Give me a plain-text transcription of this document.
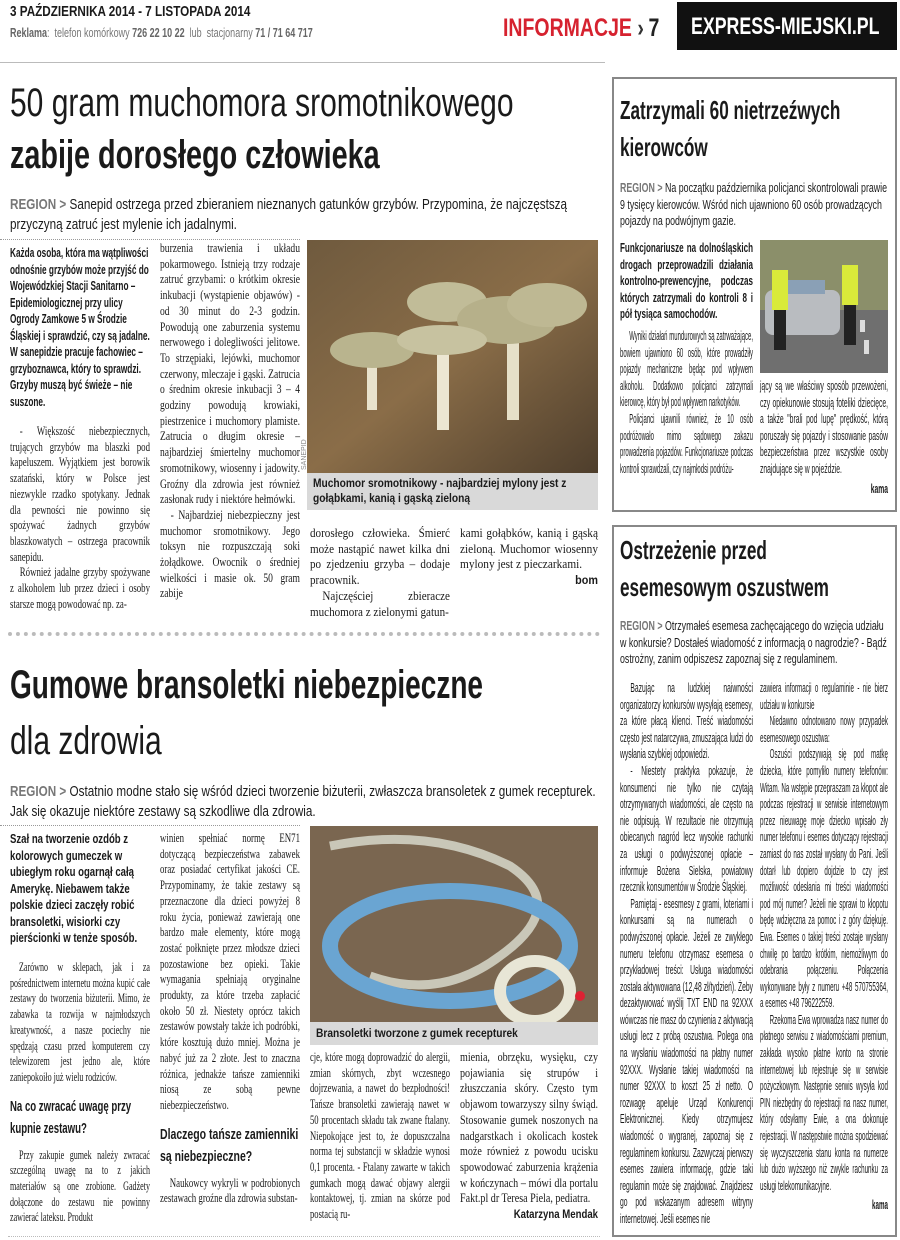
3 PAŹDZIERNIKA 2014 - 7 LISTOPADA 2014
Reklama:  telefon komórkowy 726 22 10 22 lub stacjonarny 71 / 71 64 717	INFORMACJE › 7	EXPRESS-MIEJSKI.PL
50 gram muchomora sromotnikowego
zabije dorosłego człowieka
REGION > Sanepid ostrzega przed zbieraniem nieznanych gatunków grzybów. Przypomina, że najczęstszą przyczyną zatruć jest mylenie ich jadalnymi.
Każda osoba, która ma wątpliwości odnośnie grzybów może przyjść do Wojewódzkiej Stacji Sanitarno – Epidemiologicznej przy ulicy Ogrody Zamkowe 5 w Środzie Śląskiej i sprawdzić, czy są jadalne. W sanepidzie pracuje fachowiec – grzyboznawca, który to sprawdzi. Grzyby muszą być świeże – nie suszone.

- Większość niebezpiecznych, trujących grzybów ma blaszki pod kapeluszem. Wyjątkiem jest borowik szatański, który w Polsce jest niezwykle rzadko spotykany. Jednak dla pewności nie powinno się spożywać żadnych grzybów blaszkowatych – ostrzega pracownik sanepidu.

Również jadalne grzyby spożywane z alkoholem lub przez dzieci i osoby starsze mogą powodować np. za-

burzenia trawienia i układu pokarmowego. Istnieją trzy rodzaje zatruć grzybami: o krótkim okresie inkubacji (wystąpienie objawów) - od 30 minut do 2-3 godzin. Powodują one zaburzenia systemu nerwowego i dolegliwości jelitowe. To strzępiaki, lejówki, muchomor czerwony, mleczaje i gąski. Zatrucia o średnim okresie inkubacji 3 – 4 godziny powodują krowiaki, piestrzenice i muchomory plamiste. Zatrucia o długim okresie – najbardziej śmiertelny muchomor sromotnikowy, wiosenny i jadowity. Groźny dla zdrowia jest również zasłonak rudy i niektóre hełmówki.

- Najbardziej niebezpieczny jest muchomor sromotnikowy. Jego toksyn nie rozpuszczają soki żołądkowe. Owocnik o średniej wielkości i masie ok. 50 gram zabije

SANEPID
Muchomor sromotnikowy - najbardziej mylony jest z gołąbkami, kanią i gąską zieloną

dorosłego człowieka. Śmierć może nastąpić nawet kilka dni po zjedzeniu grzyba – dodaje pracownik.

Najczęściej zbieracze muchomora z zielonymi gatun-

kami gołąbków, kanią i gąską zieloną. Muchomor wiosenny mylony jest z pieczarkami.

bom

Gumowe bransoletki niebezpieczne
dla zdrowia
REGION > Ostatnio modne stało się wśród dzieci tworzenie biżuterii, zwłaszcza bransoletek z gumek recepturek. Jak się okazuje niektóre zestawy są szkodliwe dla zdrowia.
Szał na tworzenie ozdób z kolorowych gumeczek w ubiegłym roku ogarnął całą Amerykę. Niebawem także polskie dzieci zaczęły robić bransoletki, wisiorki czy pierścionki w tenże sposób.

Zarówno w sklepach, jak i za pośrednictwem internetu można kupić całe zestawy do tworzenia biżuterii. Mimo, że zabawka ta rozwija w najmłodszych kreatywność, a nasze pociechy nie spędzają czasu przed komputerem czy telewizorem jest jedno ale, które zaniepokoiło już wielu rodziców.

Na co zwracać uwagę przy kupnie zestawu?

Przy zakupie gumek należy zwracać szczególną uwagę na to z jakich materiałów są one zrobione. Gadżety dołączone do zestawu nie powinny zawierać lateksu. Produkt

winien spełniać normę EN71 dotyczącą bezpieczeństwa zabawek oraz posiadać certyfikat jakości CE. Przypominamy, że takie zestawy są przeznaczone dla dzieci powyżej 8 roku życia, ponieważ zawierają one bardzo małe elementy, które mogą zostać połknięte przez młodsze dzieci pozostawione bez opieki. Takie wymagania spełniają oryginalne produkty, za które trzeba zapłacić około 50 zł. Niestety oprócz takich zestawów powstały także ich podróbki, które kosztują dużo mniej. Można je nabyć już za 2 złote. Jest to znaczna różnica, jednakże tańsze zamienniki niosą ze sobą pewne niebezpieczeństwo.

Dlaczego tańsze zamienniki są niebezpieczne?

Naukowcy wykryli w podrobionych zestawach groźne dla zdrowia substan-

Bransoletki tworzone z gumek recepturek

cje, które mogą doprowadzić do alergii, zmian skórnych, zbyt wczesnego dojrzewania, a nawet do bezpłodności! Tańsze bransoletki zawierają nawet w 50 procentach składu tak zwane ftalany. Niepokojące jest to, że dopuszczalna norma tej substancji w składzie wynosi 0,1 procenta. - Ftalany zawarte w takich gumkach mogą dawać objawy alergii kontaktowej, tj. zmian na skórze pod postacią ru-

mienia, obrzęku, wysięku, czy pojawiania się strupów i złuszczania skóry. Często tym objawom towarzyszy silny świąd. Stosowanie gumek noszonych na nadgarstkach i okolicach kostek może również z powodu ucisku spowodować zaburzenia krążenia w kończynach – mówi dla portalu Fakt.pl dr Teresa Piela, pediatra.

Katarzyna Mendak

Zatrzymali 60 nietrzeźwych kierowców
REGION > Na początku października policjanci skontrolowali prawie 9 tysięcy kierowców. Wśród nich ujawniono 60 osób prowadzących pojazdy na podwójnym gazie.
Funkcjonariusze na dolnośląskich drogach przeprowadzili działania kontrolno-prewencyjne, podczas których zatrzymali do kontroli 8 i pół tysiąca samochodów.

Wyniki działań mundurowych są zatrważające, bowiem ujawniono 60 osób, które prowadziły pojazdy mechaniczne będąc pod wpływem alkoholu. Dodatkowo policjanci zatrzymali kierowcę, który był pod wpływem narkotyków.

Policjanci ujawnili również, że 10 osób podróżowało mimo sądowego zakazu prowadzenia pojazdów. Funkcjonariusze podczas kontroli sprawdzali, czy najmłodsi podróżu-

jący są we właściwy sposób przewożeni, czy opiekunowie stosują foteliki dziecięce, a także "brali pod lupę" prędkość, którą poruszały się pojazdy i stosowanie pasów bezpieczeństwa przez wszystkie osoby znajdujące się w pojeździe.

kama

Ostrzeżenie przed esemesowym oszustwem
REGION > Otrzymałeś esemesa zachęcającego do wzięcia udziału w konkursie? Dostałeś wiadomość z informacją o nagrodzie? - Bądź ostrożny, zanim odpiszesz zapoznaj się z regulaminem.

Bazując na ludzkiej naiwności organizatorzy konkursów wysyłają esemesy, za które płacą klienci. Treść wiadomości często jest natarczywa, zmuszająca ludzi do wysłania szybkiej odpowiedzi.

- Niestety praktyka pokazuje, że konsumenci nie tylko nie czytają otrzymywanych wiadomości, ale często na nie odpisują. W rezultacie nie otrzymują obiecanych nagród lecz wysokie rachunki za usługi o podwyższonej opłacie – informuje Bożena Sielska, powiatowy rzecznik konsumentów w Środzie Śląskiej.

Pamiętaj - esesmesy z grami, loteriami i konkursami są na numerach o podwyższonej opłacie. Jeżeli ze zwykłego numeru telefonu otrzymasz esemesa o przykładowej treści: Usługa wiadomości została aktywowana (12,48 zł/tydzień). Żeby dezaktywować wyślij TXT END na 92XXX wówczas nie masz do czynienia z aktywacją usługi lecz z próbą oszustwa. Polega ona na wysłaniu wiadomości na płatny numer 92XXX. Wysłanie takiej wiadomości na numer 92XXX to koszt 25 zł netto. O rozwagę apeluje Urząd Konkurencji Elektronicznej. Kiedy otrzymujesz wiadomość o wygranej, zapoznaj się z regulaminem konkursu. Zazwyczaj pierwszy esemes zawiera informację, gdzie taki regulamin może się znajdować. Znajdziesz go pod wskazanym adresem witryny internetowej. Jeśli esemes nie

zawiera informacji o regulaminie - nie bierz udziału w konkursie

Niedawno odnotowano nowy przypadek esemesowego oszustwa:

Oszuści podszywają się pod matkę dziecka, które pomyliło numery telefonów: Witam. Na wstępie przepraszam za kłopot ale podczas rejestracji w serwisie internetowym przez nieuwagę moje dziecko wpisało zły numer telefonu i esemes dotyczący rejestracji zamiast do nas został wysłany do Pani. Jeśli dotarł lub dopiero dojdzie to czy jest możliwość odesłania mi treści wiadomości pod mój numer? Jeżeli nie sprawi to kłopotu będę wdzięczna za pomoc i z góry dziękuję. Ewa. Esemes o takiej treści zostaje wysłany chwilę po bardzo krótkim, niemożliwym do odebrania połączeniu. Połączenia wykonywane były z numeru +48 570755364, a esemes +48 796222559.

Rzekoma Ewa wprowadza nasz numer do płatnego serwisu z wiadomościami premium, zakłada wysoko płatne konto na stronie internetowej lub rejestruje się w serwisie pożyczkowym. Następnie serwis wysyła kod PIN niezbędny do rejestracji na nasz numer, który odsyłamy Ewie, a ona dokonuje rejestracji. W następstwie można spodziewać się wyczyszczenia stanu konta na numerze lub dużo wyższego niż zwykle rachunku za usługi telekomunikacyjne.

kama
